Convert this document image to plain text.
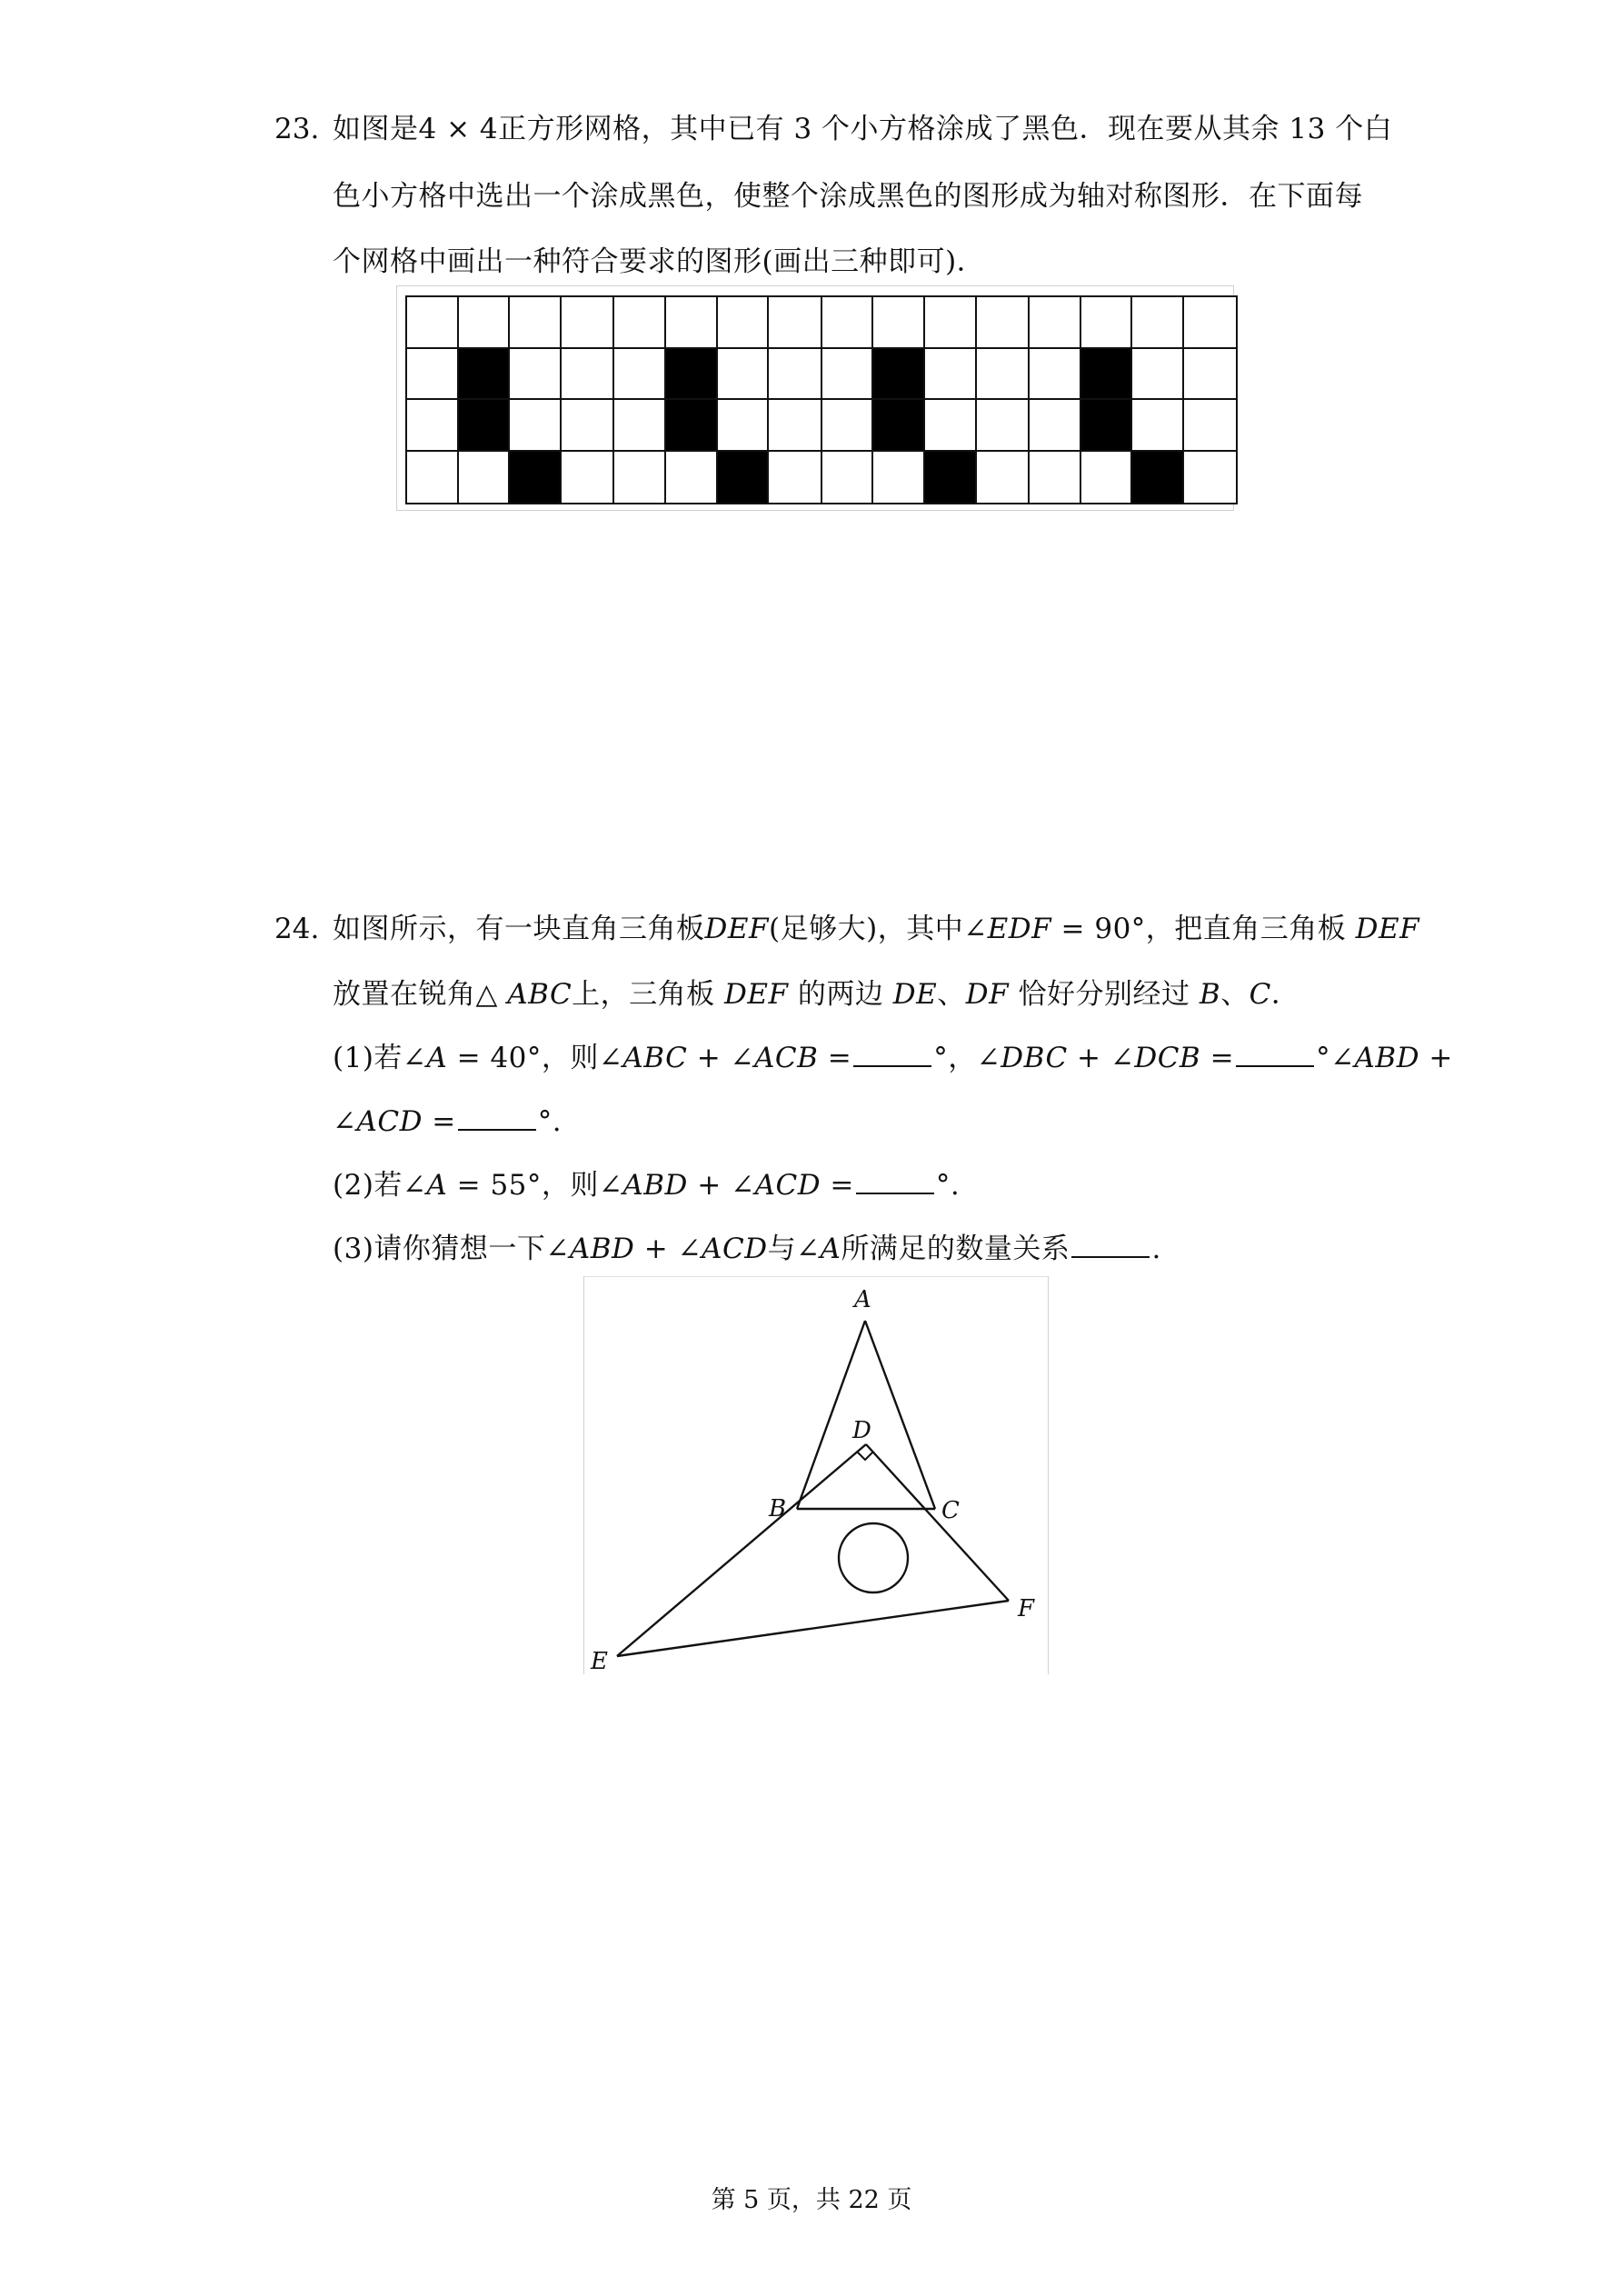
23. 如图是4 × 4正方形网格，其中已有 3 个小方格涂成了黑色．现在要从其余 13 个白
色小方格中选出一个涂成黑色，使整个涂成黑色的图形成为轴对称图形．在下面每
个网格中画出一种符合要求的图形(画出三种即可)．
24. 如图所示，有一块直角三角板DEF(足够大)，其中∠EDF = 90°，把直角三角板 DEF
放置在锐角△ ABC上，三角板 DEF 的两边 DE、DF 恰好分别经过 B、C．
(1)若∠A = 40°，则∠ABC + ∠ACB =	°，∠DBC + ∠DCB =	°∠ABD +
∠ACD =	°.
(2)若∠A = 55°，则∠ABD + ∠ACD =	°.
(3)请你猜想一下∠ABD + ∠ACD与∠A所满足的数量关系	.
A
B	C
D
E
F
第 5 页，共 22 页
